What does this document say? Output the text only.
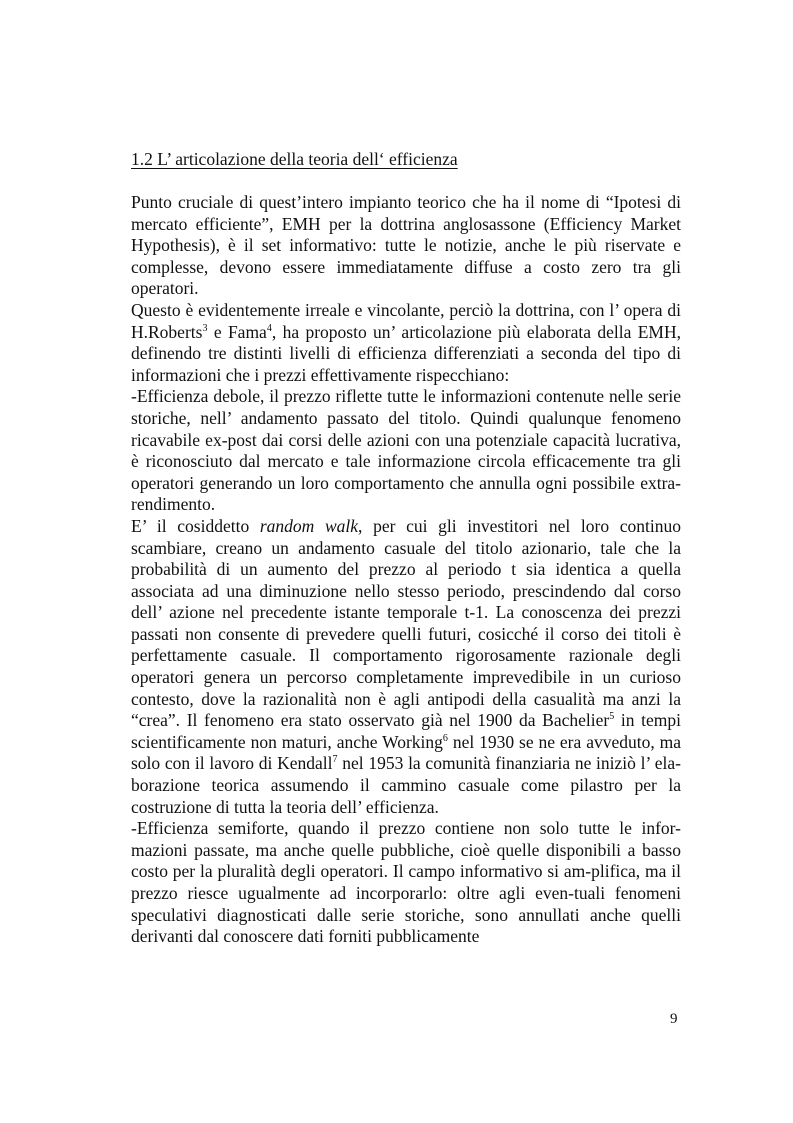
1.2 L’ articolazione della teoria dell‘ efficienza

Punto cruciale di quest’intero impianto teorico che ha il nome di “Ipotesi di mercato efficiente”, EMH per la dottrina anglosassone (Efficiency Market Hypothesis), è il set informativo: tutte le notizie, anche le più riservate e complesse, devono essere immediatamente diffuse a costo zero tra gli operatori.

Questo è evidentemente irreale e vincolante, perciò la dottrina, con l’ opera di H.Roberts$^3$ e Fama$^4$, ha proposto un’ articolazione più elaborata della EMH, definendo tre distinti livelli di efficienza differenziati a seconda del tipo di informazioni che i prezzi effettivamente rispecchiano:

-Efficienza debole, il prezzo riflette tutte le informazioni contenute nelle serie storiche, nell’ andamento passato del titolo. Quindi qualunque fenomeno ricavabile ex-post dai corsi delle azioni con una potenziale capacità lucrativa, è riconosciuto dal mercato e tale informazione circola efficacemente tra gli operatori generando un loro comportamento che annulla ogni possibile extra-rendimento.

E’ il cosiddetto random walk, per cui gli investitori nel loro continuo scambiare, creano un andamento casuale del titolo azionario, tale che la probabilità di un aumento del prezzo al periodo t sia identica a quella associata ad una diminuzione nello stesso periodo, prescindendo dal corso dell’ azione nel precedente istante temporale t-1. La conoscenza dei prezzi passati non consente di prevedere quelli futuri, cosicché il corso dei titoli è perfettamente casuale. Il comportamento rigorosamente razionale degli operatori genera un percorso completamente imprevedibile in un curioso contesto, dove la razionalità non è agli antipodi della casualità ma anzi la “crea”. Il fenomeno era stato osservato già nel 1900 da Bachelier$^5$ in tempi scientificamente non maturi, anche Working$^6$ nel 1930 se ne era avveduto, ma solo con il lavoro di Kendall$^7$ nel 1953 la comunità finanziaria ne iniziò l’ ela-borazione teorica assumendo il cammino casuale come pilastro per la costruzione di tutta la teoria dell’ efficienza.

-Efficienza semiforte, quando il prezzo contiene non solo tutte le infor-mazioni passate, ma anche quelle pubbliche, cioè quelle disponibili a basso costo per la pluralità degli operatori. Il campo informativo si am-plifica, ma il prezzo riesce ugualmente ad incorporarlo: oltre agli even-tuali fenomeni speculativi diagnosticati dalle serie storiche, sono annullati anche quelli derivanti dal conoscere dati forniti pubblicamente

9
